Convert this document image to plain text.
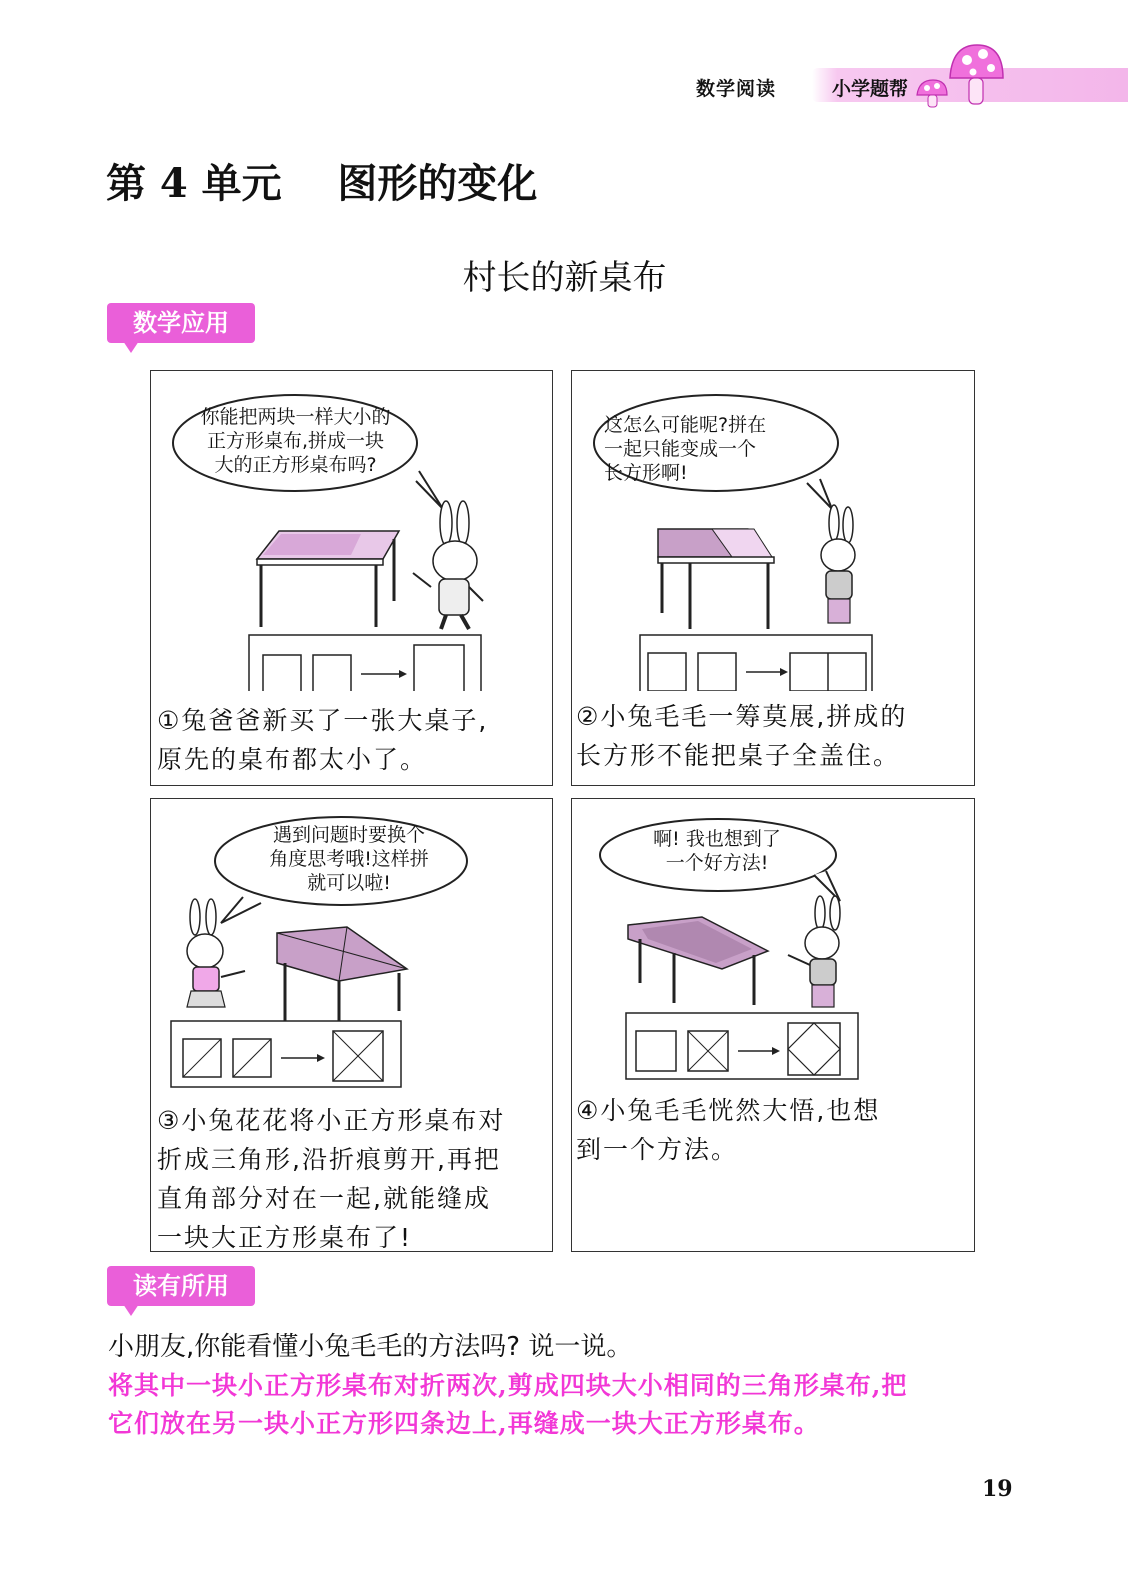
数学阅读	小学题帮
第 4 单元    图形的变化
村长的新桌布
数学应用
你能把两块一样大小的
正方形桌布,拼成一块
大的正方形桌布吗?
①兔爸爸新买了一张大桌子,
原先的桌布都太小了。
这怎么可能呢?拼在
一起只能变成一个
长方形啊!
②小兔毛毛一筹莫展,拼成的
长方形不能把桌子全盖住。
遇到问题时要换个
角度思考哦!这样拼
就可以啦!
③小兔花花将小正方形桌布对
折成三角形,沿折痕剪开,再把
直角部分对在一起,就能缝成
一块大正方形桌布了!
啊! 我也想到了
一个好方法!
④小兔毛毛恍然大悟,也想
到一个方法。
读有所用
小朋友,你能看懂小兔毛毛的方法吗? 说一说。
将其中一块小正方形桌布对折两次,剪成四块大小相同的三角形桌布,把
它们放在另一块小正方形四条边上,再缝成一块大正方形桌布。
19
